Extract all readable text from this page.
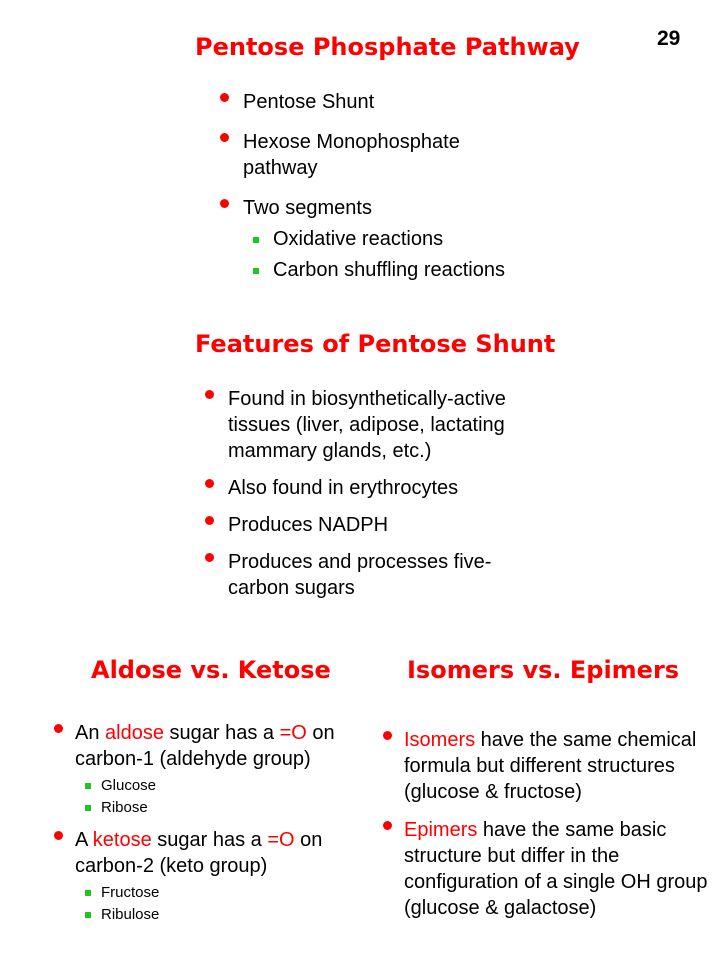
29
Pentose Phosphate Pathway
Pentose Shunt
Hexose Monophosphate pathway
Two segments
Oxidative reactions
Carbon shuffling reactions
Features of Pentose Shunt
Found in biosynthetically-active tissues (liver, adipose, lactating mammary glands, etc.)
Also found in erythrocytes
Produces NADPH
Produces and processes five-carbon sugars
Aldose vs. Ketose
An aldose sugar has a =O on carbon-1 (aldehyde group)
Glucose
Ribose
A ketose sugar has a =O on carbon-2 (keto group)
Fructose
Ribulose
Isomers vs. Epimers
Isomers have the same chemical formula but different structures (glucose & fructose)
Epimers have the same basic structure but differ in the configuration of a single OH group (glucose & galactose)
